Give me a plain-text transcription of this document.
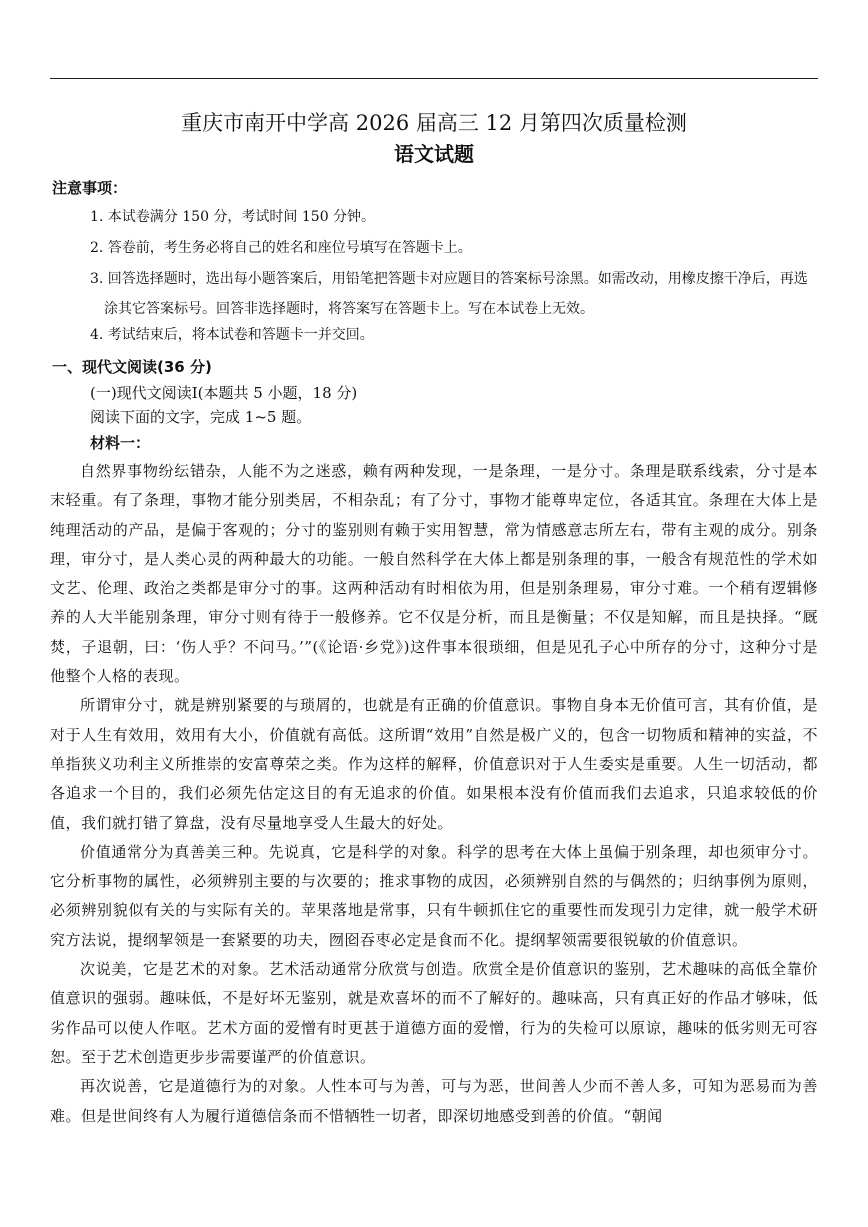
重庆市南开中学高 2026 届高三 12 月第四次质量检测
语文试题
注意事项：
1. 本试卷满分 150 分，考试时间 150 分钟。
2. 答卷前，考生务必将自己的姓名和座位号填写在答题卡上。
3. 回答选择题时，选出每小题答案后，用铅笔把答题卡对应题目的答案标号涂黑。如需改动，用橡皮擦干净后，再选涂其它答案标号。回答非选择题时，将答案写在答题卡上。写在本试卷上无效。
4. 考试结束后，将本试卷和答题卡一并交回。
一、现代文阅读(36 分)
(一)现代文阅读Ⅰ(本题共 5 小题，18 分)
阅读下面的文字，完成 1~5 题。
材料一：

自然界事物纷纭错杂，人能不为之迷惑，赖有两种发现，一是条理，一是分寸。条理是联系线索，分寸是本末轻重。有了条理，事物才能分别类居，不相杂乱；有了分寸，事物才能尊卑定位，各适其宜。条理在大体上是纯理活动的产品，是偏于客观的；分寸的鉴别则有赖于实用智慧，常为情感意志所左右，带有主观的成分。别条理，审分寸，是人类心灵的两种最大的功能。一般自然科学在大体上都是别条理的事，一般含有规范性的学术如文艺、伦理、政治之类都是审分寸的事。这两种活动有时相依为用，但是别条理易，审分寸难。一个稍有逻辑修养的人大半能别条理，审分寸则有待于一般修养。它不仅是分析，而且是衡量；不仅是知解，而且是抉择。“厩焚，子退朝，曰：‘伤人乎？不问马。’”(《论语·乡党》)这件事本很琐细，但是见孔子心中所存的分寸，这种分寸是他整个人格的表现。

所谓审分寸，就是辨别紧要的与琐屑的，也就是有正确的价值意识。事物自身本无价值可言，其有价值，是对于人生有效用，效用有大小，价值就有高低。这所谓“效用”自然是极广义的，包含一切物质和精神的实益，不单指狭义功利主义所推崇的安富尊荣之类。作为这样的解释，价值意识对于人生委实是重要。人生一切活动，都各追求一个目的，我们必须先估定这目的有无追求的价值。如果根本没有价值而我们去追求，只追求较低的价值，我们就打错了算盘，没有尽量地享受人生最大的好处。

价值通常分为真善美三种。先说真，它是科学的对象。科学的思考在大体上虽偏于别条理，却也须审分寸。它分析事物的属性，必须辨别主要的与次要的；推求事物的成因，必须辨别自然的与偶然的；归纳事例为原则，必须辨别貌似有关的与实际有关的。苹果落地是常事，只有牛顿抓住它的重要性而发现引力定律，就一般学术研究方法说，提纲挈领是一套紧要的功夫，囫囵吞枣必定是食而不化。提纲挈领需要很锐敏的价值意识。

次说美，它是艺术的对象。艺术活动通常分欣赏与创造。欣赏全是价值意识的鉴别，艺术趣味的高低全靠价值意识的强弱。趣味低，不是好坏无鉴别，就是欢喜坏的而不了解好的。趣味高，只有真正好的作品才够味，低劣作品可以使人作呕。艺术方面的爱憎有时更甚于道德方面的爱憎，行为的失检可以原谅，趣味的低劣则无可容恕。至于艺术创造更步步需要谨严的价值意识。

再次说善，它是道德行为的对象。人性本可与为善，可与为恶，世间善人少而不善人多，可知为恶易而为善难。但是世间终有人为履行道德信条而不惜牺牲一切者，即深切地感受到善的价值。“朝闻
